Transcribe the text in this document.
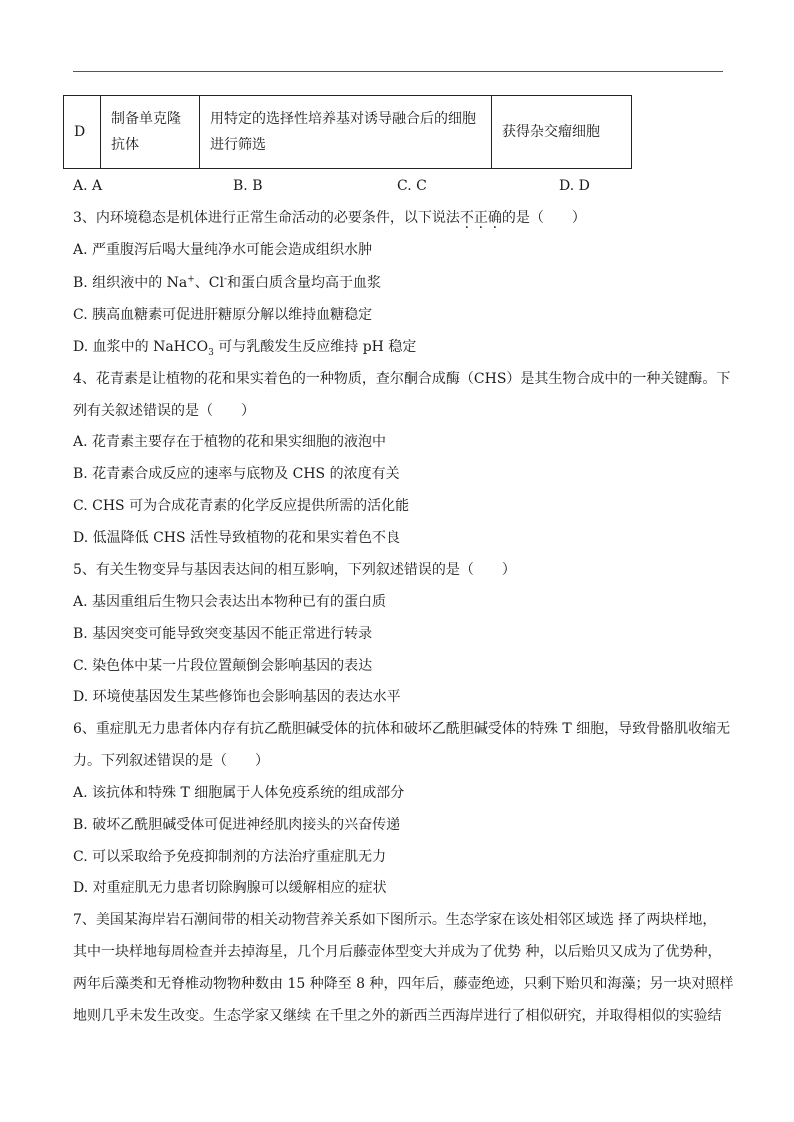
D	制备单克隆抗体	用特定的选择性培养基对诱导融合后的细胞进行筛选	获得杂交瘤细胞
A. A	B. B	C. C	D. D
3、内环境稳态是机体进行正常生命活动的必要条件，以下说法不正确的是（　　）
A. 严重腹泻后喝大量纯净水可能会造成组织水肿
B. 组织液中的 Na+、Cl-和蛋白质含量均高于血浆
C. 胰高血糖素可促进肝糖原分解以维持血糖稳定
D. 血浆中的 NaHCO$_3$ 可与乳酸发生反应维持 pH 稳定
4、花青素是让植物的花和果实着色的一种物质，查尔酮合成酶（CHS）是其生物合成中的一种关键酶。下
列有关叙述错误的是（　　）
A. 花青素主要存在于植物的花和果实细胞的液泡中
B. 花青素合成反应的速率与底物及 CHS 的浓度有关
C. CHS 可为合成花青素的化学反应提供所需的活化能
D. 低温降低 CHS 活性导致植物的花和果实着色不良
5、有关生物变异与基因表达间的相互影响，下列叙述错误的是（　　）
A. 基因重组后生物只会表达出本物种已有的蛋白质
B. 基因突变可能导致突变基因不能正常进行转录
C. 染色体中某一片段位置颠倒会影响基因的表达
D. 环境使基因发生某些修饰也会影响基因的表达水平
6、重症肌无力患者体内存有抗乙酰胆碱受体的抗体和破坏乙酰胆碱受体的特殊 T 细胞，导致骨骼肌收缩无
力。下列叙述错误的是（　　）
A. 该抗体和特殊 T 细胞属于人体免疫系统的组成部分
B. 破坏乙酰胆碱受体可促进神经肌肉接头的兴奋传递
C. 可以采取给予免疫抑制剂的方法治疗重症肌无力
D. 对重症肌无力患者切除胸腺可以缓解相应的症状
7、美国某海岸岩石潮间带的相关动物营养关系如下图所示。生态学家在该处相邻区域选 择了两块样地，
其中一块样地每周检查并去掉海星，几个月后藤壶体型变大并成为了优势 种，以后贻贝又成为了优势种，
两年后藻类和无脊椎动物物种数由 15 种降至 8 种，四年后，藤壶绝迹，只剩下贻贝和海藻；另一块对照样
地则几乎未发生改变。生态学家又继续 在千里之外的新西兰西海岸进行了相似研究，并取得相似的实验结
